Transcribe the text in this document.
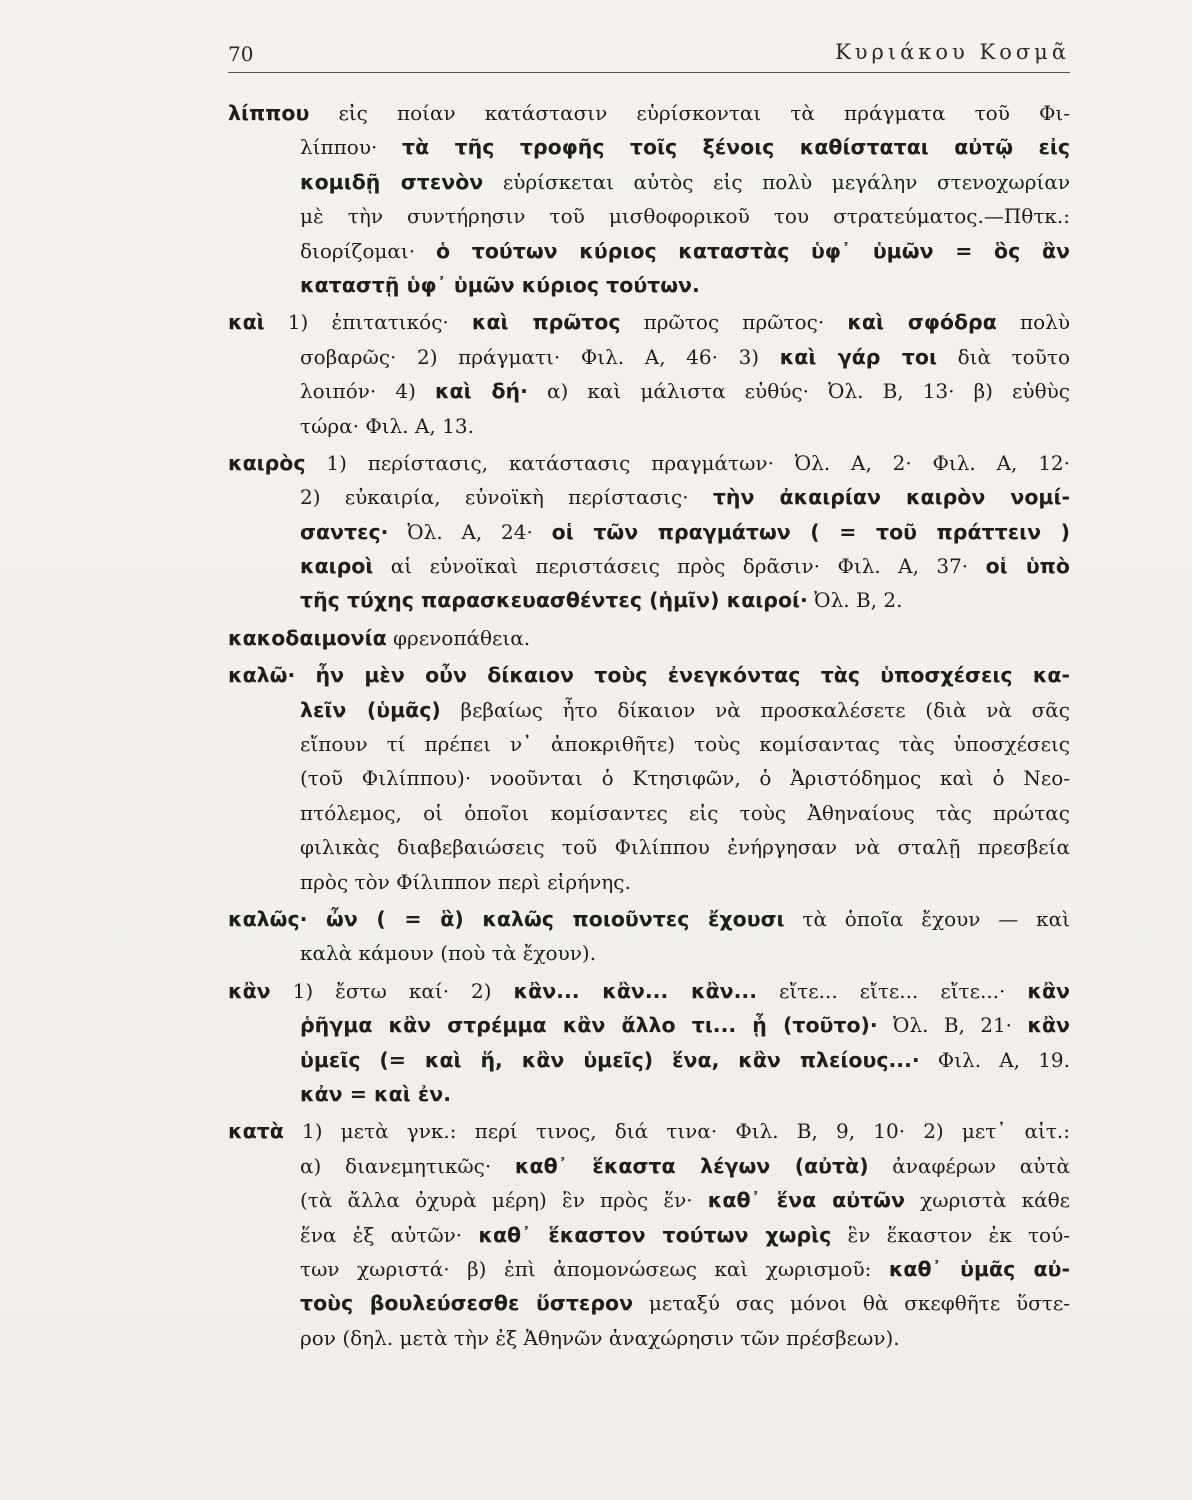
70	Κυριάκου Κοσμᾶ
λίππου εἰς ποίαν κατάστασιν εὑρίσκονται τὰ πράγματα τοῦ Φι-
λίππου· τὰ τῆς τροφῆς τοῖς ξένοις καθίσταται αὐτῷ εἰς
κομιδῇ στενὸν εὑρίσκεται αὐτὸς εἰς πολὺ μεγάλην στενοχωρίαν
μὲ τὴν συντήρησιν τοῦ μισθοφορικοῦ του στρατεύματος.—Πθτκ.:
διορίζομαι· ὁ τούτων κύριος καταστὰς ὑφ᾽ ὑμῶν = ὃς ἂν
καταστῇ ὑφ᾽ ὑμῶν κύριος τούτων.
καὶ 1) ἐπιτατικός· καὶ πρῶτος πρῶτος πρῶτος· καὶ σφόδρα πολὺ
σοβαρῶς· 2) πράγματι· Φιλ. Α, 46· 3) καὶ γάρ τοι διὰ τοῦτο
λοιπόν· 4) καὶ δή· α) καὶ μάλιστα εὐθύς· Ὀλ. Β, 13· β) εὐθὺς
τώρα· Φιλ. Α, 13.
καιρὸς 1) περίστασις, κατάστασις πραγμάτων· Ὀλ. Α, 2· Φιλ. Α, 12·
2) εὐκαιρία, εὐνοϊκὴ περίστασις· τὴν ἀκαιρίαν καιρὸν νομί-
σαντες· Ὀλ. Α, 24· οἱ τῶν πραγμάτων ( = τοῦ πράττειν )
καιροὶ αἱ εὐνοϊκαὶ περιστάσεις πρὸς δρᾶσιν· Φιλ. Α, 37· οἱ ὑπὸ
τῆς τύχης παρασκευασθέντες (ἡμῖν) καιροί· Ὀλ. Β, 2.
κακοδαιμονία φρενοπάθεια.
καλῶ· ἦν μὲν οὖν δίκαιον τοὺς ἐνεγκόντας τὰς ὑποσχέσεις κα-
λεῖν (ὑμᾶς) βεβαίως ἦτο δίκαιον νὰ προσκαλέσετε (διὰ νὰ σᾶς
εἴπουν τί πρέπει ν᾽ ἀποκριθῆτε) τοὺς κομίσαντας τὰς ὑποσχέσεις
(τοῦ Φιλίππου)· νοοῦνται ὁ Κτησιφῶν, ὁ Ἀριστόδημος καὶ ὁ Νεο-
πτόλεμος, οἱ ὁποῖοι κομίσαντες εἰς τοὺς Ἀθηναίους τὰς πρώτας
φιλικὰς διαβεβαιώσεις τοῦ Φιλίππου ἐνήργησαν νὰ σταλῇ πρεσβεία
πρὸς τὸν Φίλιππον περὶ εἰρήνης.
καλῶς· ὦν ( = ἃ) καλῶς ποιοῦντες ἔχουσι τὰ ὁποῖα ἔχουν — καὶ
καλὰ κάμουν (ποὺ τὰ ἔχουν).
κἂν 1) ἔστω καί· 2) κἂν... κἂν... κἂν... εἴτε... εἴτε... εἴτε...· κἂν
ῥῆγμα κἂν στρέμμα κἂν ἄλλο τι... ᾖ (τοῦτο)· Ὀλ. Β, 21· κἂν
ὑμεῖς (= καὶ ἥ, κἂν ὑμεῖς) ἕνα, κἂν πλείους...· Φιλ. Α, 19.
κἀν = καὶ ἐν.
κατὰ 1) μετὰ γνκ.: περί τινος, διά τινα· Φιλ. Β, 9, 10· 2) μετ᾽ αἰτ.:
α) διανεμητικῶς· καθ᾽ ἕκαστα λέγων (αὐτὰ) ἀναφέρων αὐτὰ
(τὰ ἄλλα ὀχυρὰ μέρη) ἓν πρὸς ἕν· καθ᾽ ἕνα αὐτῶν χωριστὰ κάθε
ἕνα ἐξ αὐτῶν· καθ᾽ ἕκαστον τούτων χωρὶς ἓν ἕκαστον ἐκ τού-
των χωριστά· β) ἐπὶ ἀπομονώσεως καὶ χωρισμοῦ: καθ᾽ ὑμᾶς αὐ-
τοὺς βουλεύσεσθε ὕστερον μεταξύ σας μόνοι θὰ σκεφθῆτε ὕστε-
ρον (δηλ. μετὰ τὴν ἐξ Ἀθηνῶν ἀναχώρησιν τῶν πρέσβεων).
